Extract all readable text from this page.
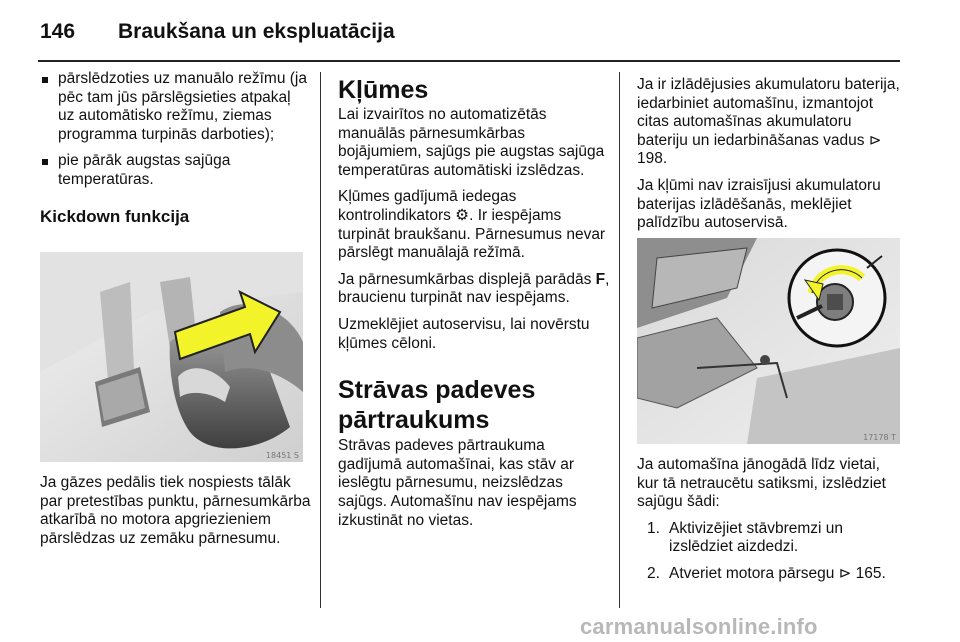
146 Braukšana un ekspluatācija
pārslēdzoties uz manuālo režīmu (ja pēc tam jūs pārslēgsieties atpakaļ uz automātisko režīmu, ziemas programma turpinās darboties);
pie pārāk augstas sajūga temperatūras.
Kickdown funkcija
18451 S

Ja gāzes pedālis tiek nospiests tālāk par pretestības punktu, pārnesumkārba atkarībā no motora apgriezieniem pārslēdzas uz zemāku pārnesumu.

Kļūmes

Lai izvairītos no automatizētās manuālās pārnesumkārbas bojājumiem, sajūgs pie augstas sajūga temperatūras automātiski izslēdzas.

Kļūmes gadījumā iedegas kontrolindikators ⚙. Ir iespējams turpināt braukšanu. Pārnesumus nevar pārslēgt manuālajā režīmā.

Ja pārnesumkārbas displejā parādās F, braucienu turpināt nav iespējams.

Uzmeklējiet autoservisu, lai novērstu kļūmes cēloni.

Strāvas padeves pārtraukums

Strāvas padeves pārtraukuma gadījumā automašīnai, kas stāv ar ieslēgtu pārnesumu, neizslēdzas sajūgs. Automašīnu nav iespējams izkustināt no vietas.

Ja ir izlādējusies akumulatoru baterija, iedarbiniet automašīnu, izmantojot citas automašīnas akumulatoru bateriju un iedarbināšanas vadus ⊳ 198.

Ja kļūmi nav izraisījusi akumulatoru baterijas izlādēšanās, meklējiet palīdzību autoservisā.

17178 T

Ja automašīna jānogādā līdz vietai, kur tā netraucētu satiksmi, izslēdziet sajūgu šādi:

1. Aktivizējiet stāvbremzi un izslēdziet aizdedzi.
2. Atveriet motora pārsegu ⊳ 165.
carmanualsonline.info
